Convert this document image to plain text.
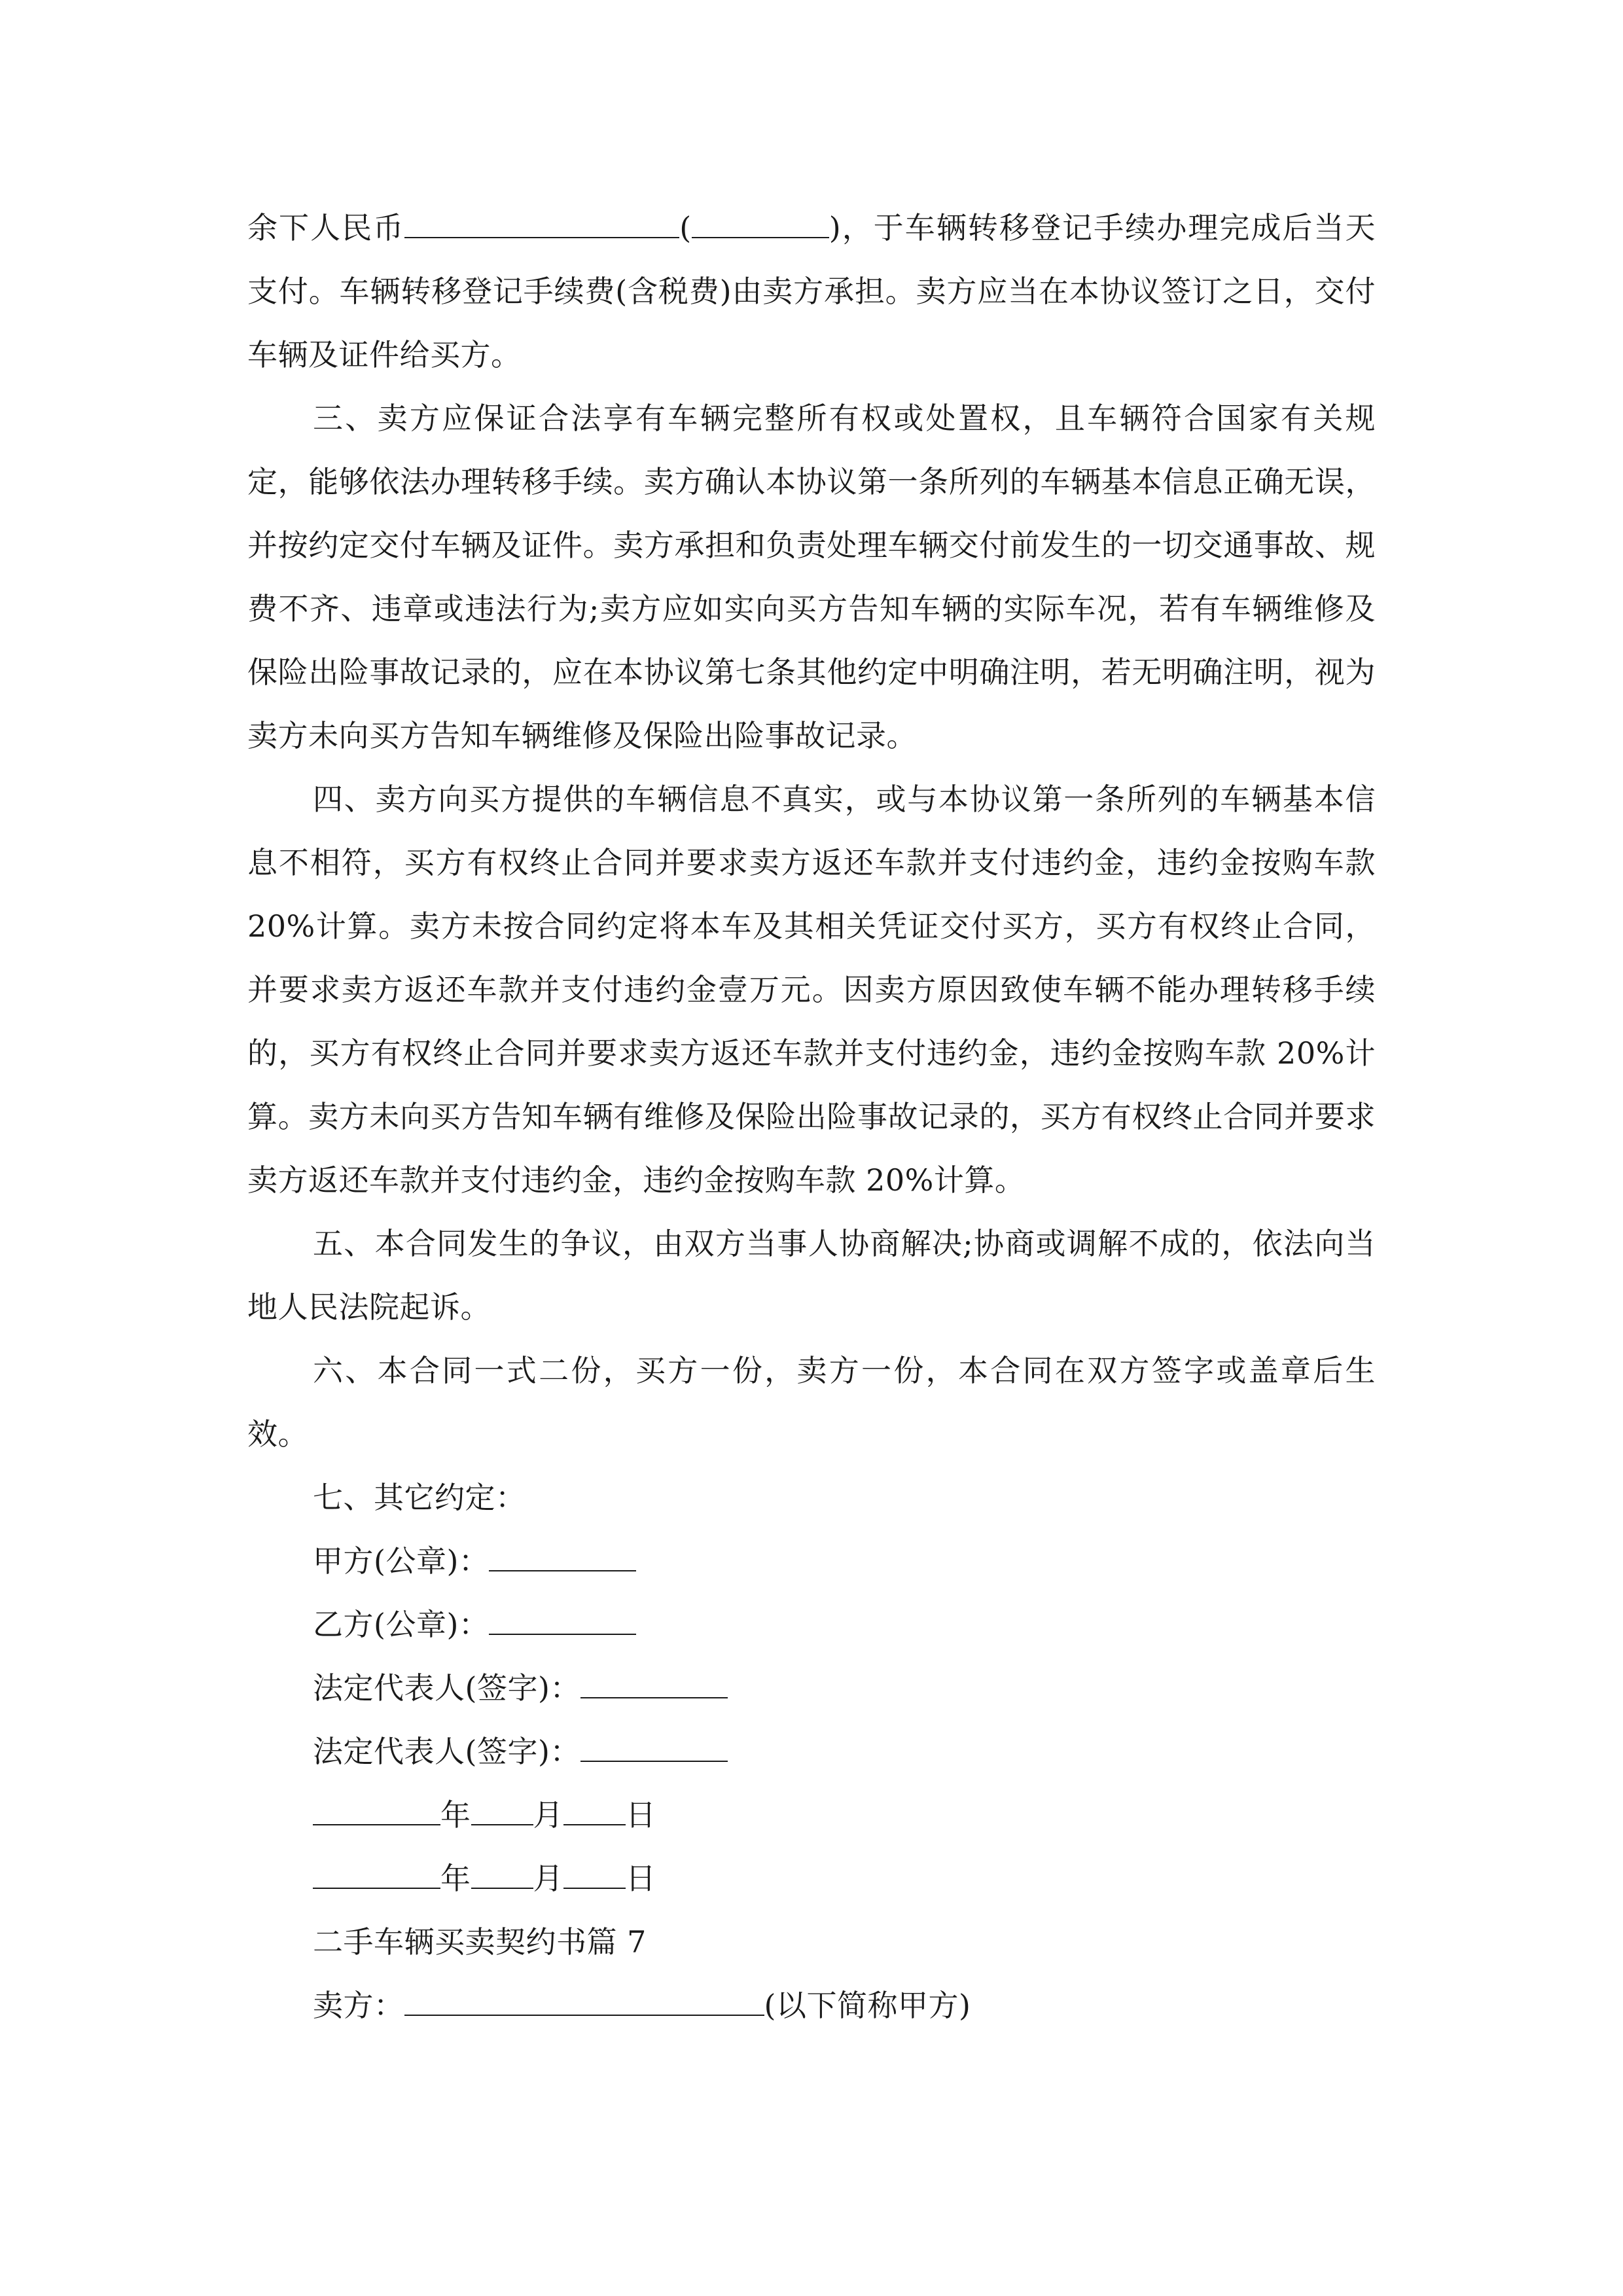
余下人民币	(	)，于车辆转移登记手续办理完成后当天支付。车辆转移登记手续费(含税费)由卖方承担。卖方应当在本协议签订之日，交付车辆及证件给买方。

三、卖方应保证合法享有车辆完整所有权或处置权，且车辆符合国家有关规定，能够依法办理转移手续。卖方确认本协议第一条所列的车辆基本信息正确无误，并按约定交付车辆及证件。卖方承担和负责处理车辆交付前发生的一切交通事故、规费不齐、违章或违法行为;卖方应如实向买方告知车辆的实际车况，若有车辆维修及保险出险事故记录的，应在本协议第七条其他约定中明确注明，若无明确注明，视为卖方未向买方告知车辆维修及保险出险事故记录。

四、卖方向买方提供的车辆信息不真实，或与本协议第一条所列的车辆基本信息不相符，买方有权终止合同并要求卖方返还车款并支付违约金，违约金按购车款 20%计算。卖方未按合同约定将本车及其相关凭证交付买方，买方有权终止合同，并要求卖方返还车款并支付违约金壹万元。因卖方原因致使车辆不能办理转移手续的，买方有权终止合同并要求卖方返还车款并支付违约金，违约金按购车款 20%计算。卖方未向买方告知车辆有维修及保险出险事故记录的，买方有权终止合同并要求卖方返还车款并支付违约金，违约金按购车款 20%计算。

五、本合同发生的争议，由双方当事人协商解决;协商或调解不成的，依法向当地人民法院起诉。

六、本合同一式二份，买方一份，卖方一份，本合同在双方签字或盖章后生效。

七、其它约定：

甲方(公章)：

乙方(公章)：

法定代表人(签字)：

法定代表人(签字)：

年 月 日

年 月 日

二手车辆买卖契约书篇 7

卖方：	(以下简称甲方)
